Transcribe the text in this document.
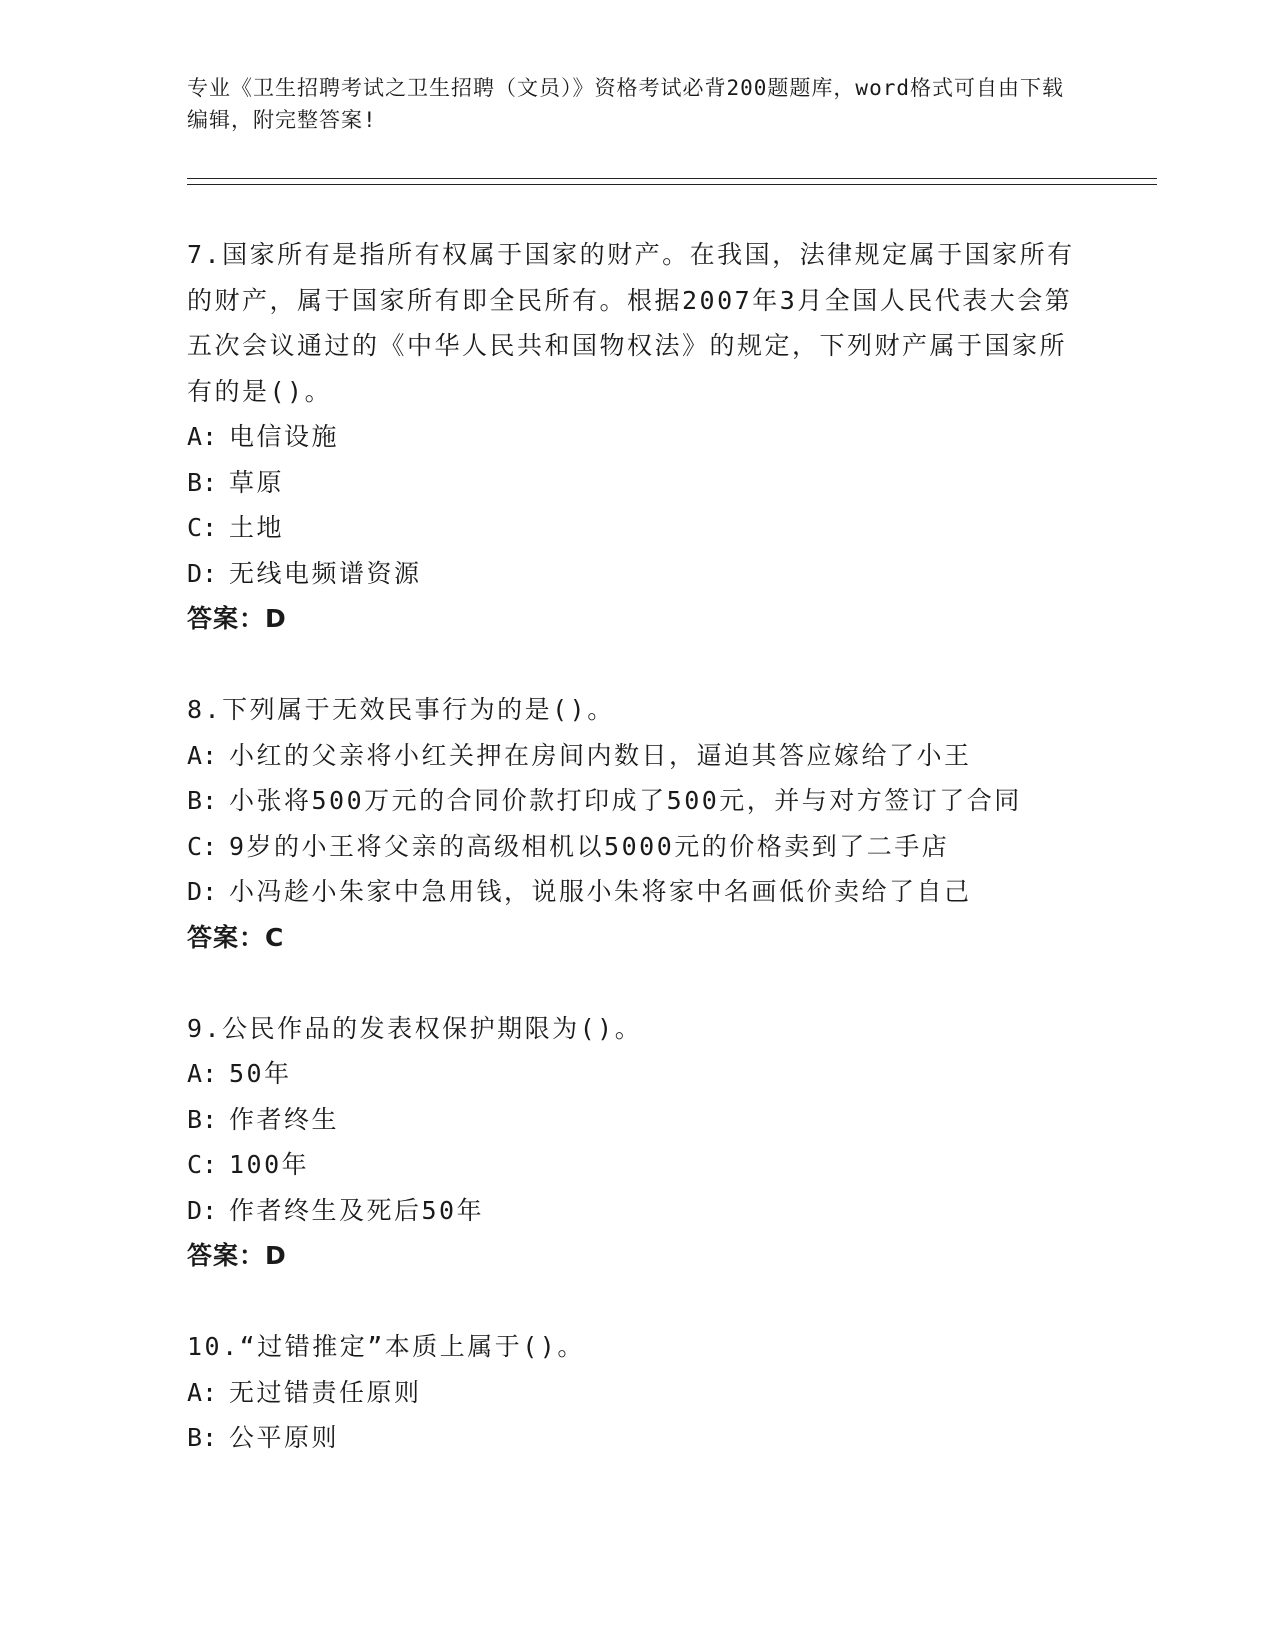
专业《卫生招聘考试之卫生招聘（文员）》资格考试必背200题题库，word格式可自由下载编辑，附完整答案!
7.国家所有是指所有权属于国家的财产。在我国，法律规定属于国家所有的财产，属于国家所有即全民所有。根据2007年3月全国人民代表大会第五次会议通过的《中华人民共和国物权法》的规定，下列财产属于国家所有的是()。
A: 电信设施
B: 草原
C: 土地
D: 无线电频谱资源
答案：D
8.下列属于无效民事行为的是()。
A: 小红的父亲将小红关押在房间内数日，逼迫其答应嫁给了小王
B: 小张将500万元的合同价款打印成了500元，并与对方签订了合同
C: 9岁的小王将父亲的高级相机以5000元的价格卖到了二手店
D: 小冯趁小朱家中急用钱，说服小朱将家中名画低价卖给了自己
答案：C
9.公民作品的发表权保护期限为()。
A: 50年
B: 作者终生
C: 100年
D: 作者终生及死后50年
答案：D
10.“过错推定”本质上属于()。
A: 无过错责任原则
B: 公平原则
